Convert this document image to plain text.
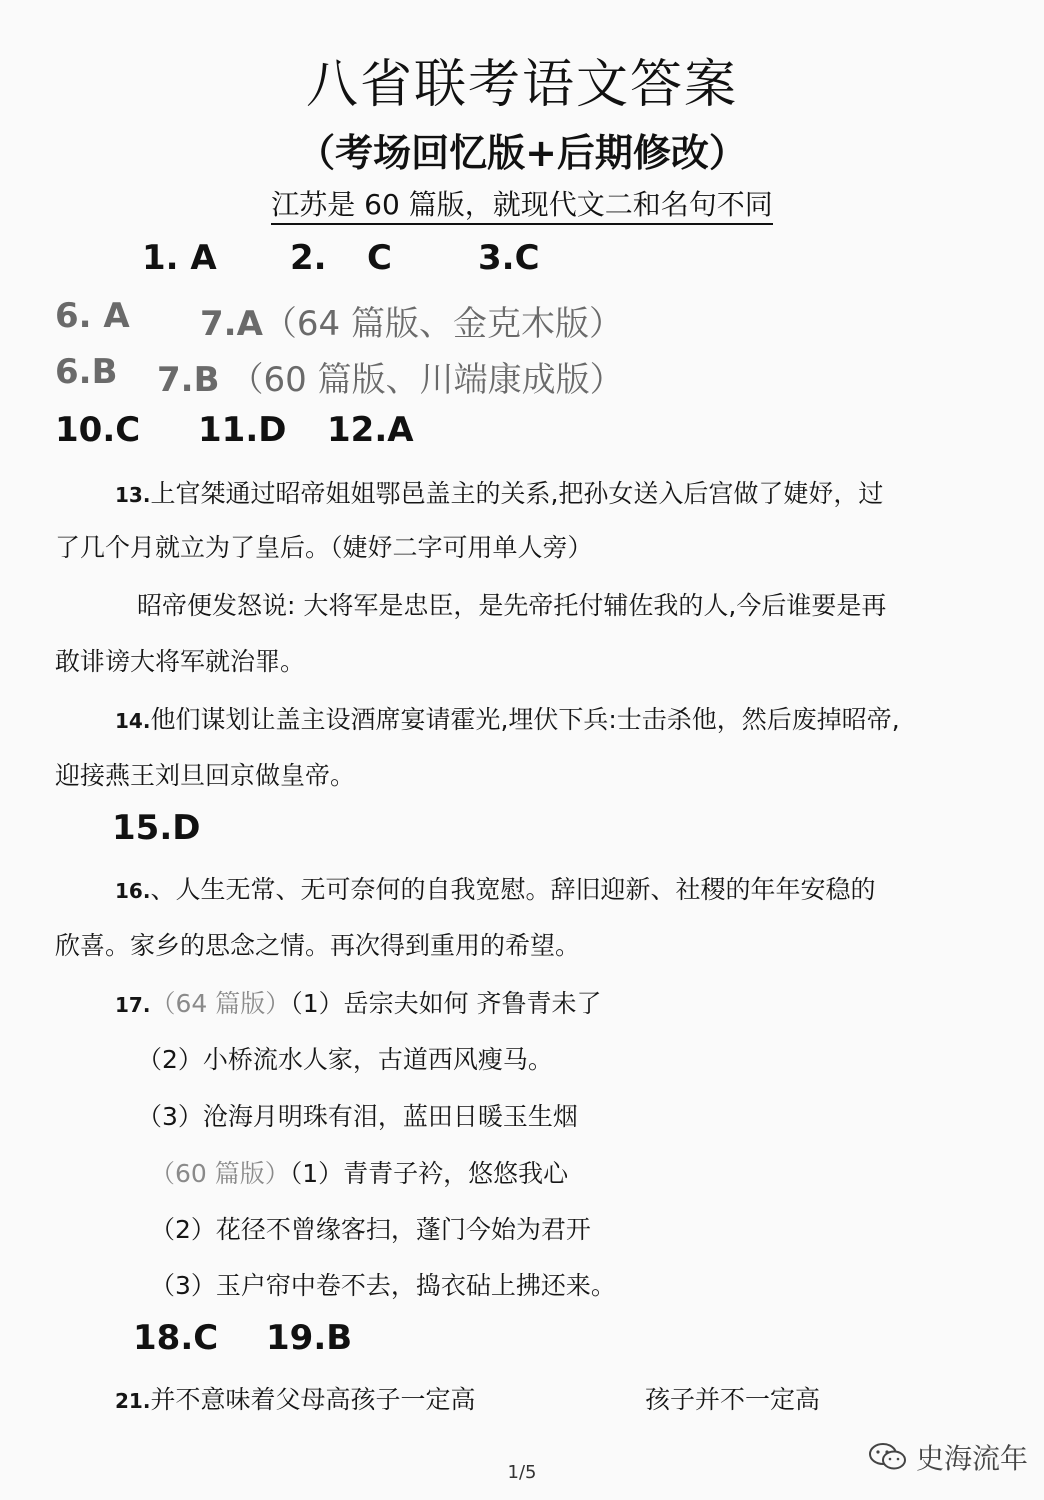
八省联考语文答案
（考场回忆版+后期修改）
江苏是 60 篇版，就现代文二和名句不同
1. A 2. C	3.C
6. A 7.A（64 篇版、金克木版）
6.B 7.B （60 篇版、川端康成版）
10.C 11.D 12.A
13.上官桀通过昭帝姐姐鄂邑盖主的关系,把孙女送入后宫做了婕妤，过
了几个月就立为了皇后。（婕妤二字可用单人旁）
昭帝便发怒说: 大将军是忠臣，是先帝托付辅佐我的人,今后谁要是再
敢诽谤大将军就治罪。
14.他们谋划让盖主设酒席宴请霍光,埋伏下兵:士击杀他，然后废掉昭帝,
迎接燕王刘旦回京做皇帝。
15.D
16.、人生无常、无可奈何的自我宽慰。辞旧迎新、社稷的年年安稳的
欣喜。家乡的思念之情。再次得到重用的希望。
17.（64 篇版）（1）岳宗夫如何 齐鲁青未了
（2）小桥流水人家，古道西风瘦马。
（3）沧海月明珠有泪，蓝田日暖玉生烟
（60 篇版）（1）青青子衿，悠悠我心
（2）花径不曾缘客扫，蓬门今始为君开
（3）玉户帘中卷不去，捣衣砧上拂还来。
18.C 19.B
21.并不意味着父母高孩子一定高	孩子并不一定高
史海流年
1/5
